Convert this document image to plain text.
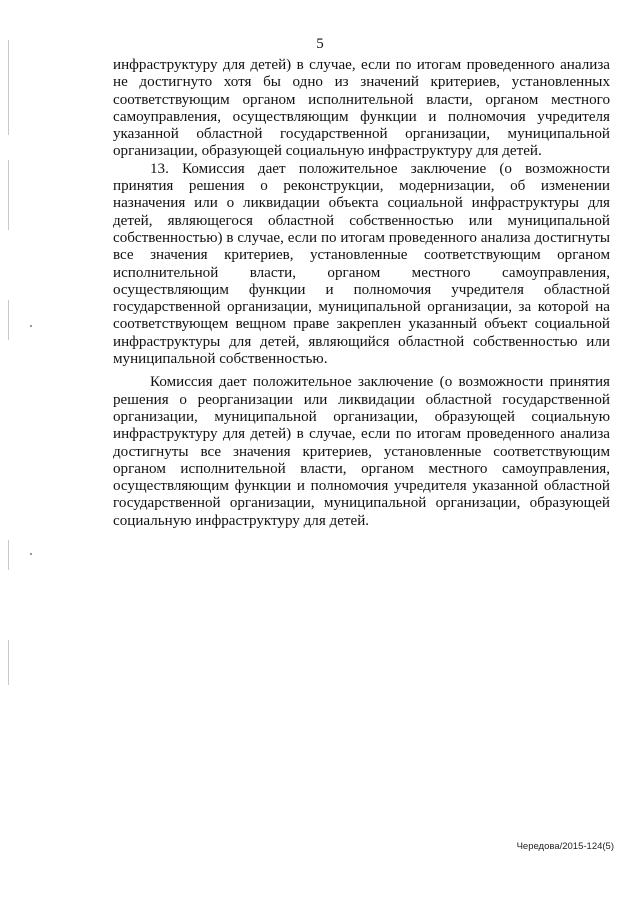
5

инфраструктуру для детей) в случае, если по итогам проведенного анализа не достигнуто хотя бы одно из значений критериев, установленных соответствующим органом исполнительной власти, органом местного самоуправления, осуществляющим функции и полномочия учредителя указанной областной государственной организации, муниципальной организации, образующей социальную инфраструктуру для детей.

13. Комиссия дает положительное заключение (о возможности принятия решения о реконструкции, модернизации, об изменении назначения или о ликвидации объекта социальной инфраструктуры для детей, являющегося областной собственностью или муниципальной собственностью) в случае, если по итогам проведенного анализа достигнуты все значения критериев, установленные соответствующим органом исполнительной власти, органом местного самоуправления, осуществляющим функции и полномочия учредителя областной государственной организации, муниципальной организации, за которой на соответствующем вещном праве закреплен указанный объект социальной инфраструктуры для детей, являющийся областной собственностью или муниципальной собственностью.

Комиссия дает положительное заключение (о возможности принятия решения о реорганизации или ликвидации областной государственной организации, муниципальной организации, образующей социальную инфраструктуру для детей) в случае, если по итогам проведенного анализа достигнуты все значения критериев, установленные соответствующим органом исполнительной власти, органом местного самоуправления, осуществляющим функции и полномочия учредителя указанной областной государственной организации, муниципальной организации, образующей социальную инфраструктуру для детей.

Чередова/2015-124(5)
